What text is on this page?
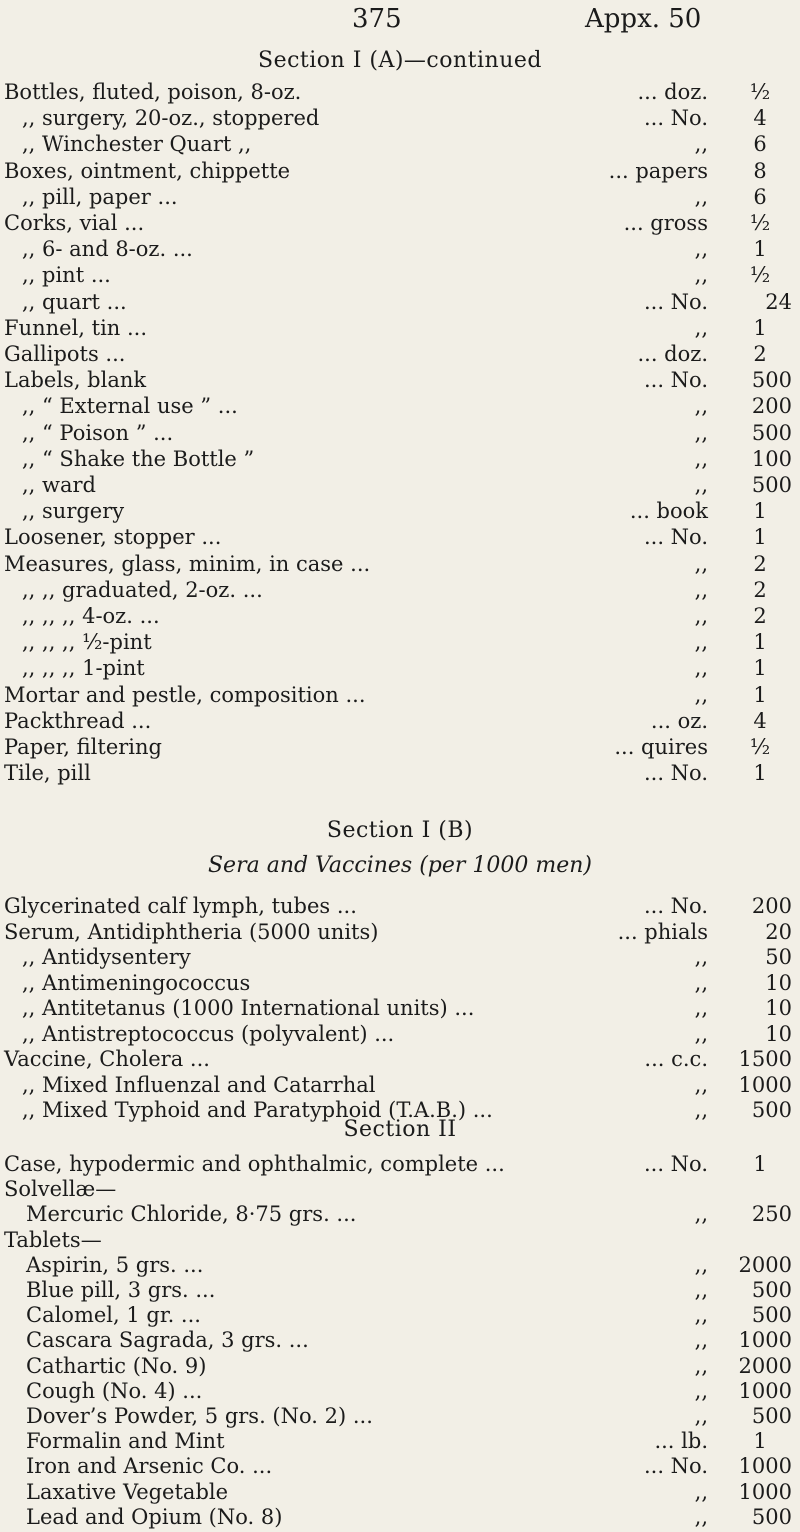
375	Appx. 50
Section I (A)—continued
Bottles, fluted, poison, 8-oz.	... doz.	½
,, surgery, 20-oz., stoppered	... No.	4
,, Winchester Quart ,,	,,	6
Boxes, ointment, chippette	... papers	8
,, pill, paper ...	,,	6
Corks, vial ...	... gross	½
,, 6- and 8-oz. ...	,,	1
,, pint ...	,,	½
,, quart ...	... No.	24
Funnel, tin ...	,,	1
Gallipots ...	... doz.	2
Labels, blank	... No.	500
,, “ External use ” ...	,,	200
,, “ Poison ” ...	,,	500
,, “ Shake the Bottle ”	,,	100
,, ward	,,	500
,, surgery	... book	1
Loosener, stopper ...	... No.	1
Measures, glass, minim, in case ...	,,	2
,, ,, graduated, 2-oz. ...	,,	2
,, ,, ,, 4-oz. ...	,,	2
,, ,, ,, ½-pint	,,	1
,, ,, ,, 1-pint	,,	1
Mortar and pestle, composition ...	,,	1
Packthread ...	... oz.	4
Paper, filtering	... quires	½
Tile, pill	... No.	1
Section I (B)
Sera and Vaccines (per 1000 men)
Glycerinated calf lymph, tubes ...	... No.	200
Serum, Antidiphtheria (5000 units)	... phials	20
,, Antidysentery	,,	50
,, Antimeningococcus	,,	10
,, Antitetanus (1000 International units) ...	,,	10
,, Antistreptococcus (polyvalent) ...	,,	10
Vaccine, Cholera ...	... c.c.	1500
,, Mixed Influenzal and Catarrhal	,,	1000
,, Mixed Typhoid and Paratyphoid (T.A.B.) ...	,,	500
Section II
Case, hypodermic and ophthalmic, complete ...	... No.	1
Solvellæ—
Mercuric Chloride, 8·75 grs. ...	,,	250
Tablets—
Aspirin, 5 grs. ...	,,	2000
Blue pill, 3 grs. ...	,,	500
Calomel, 1 gr. ...	,,	500
Cascara Sagrada, 3 grs. ...	,,	1000
Cathartic (No. 9)	,,	2000
Cough (No. 4) ...	,,	1000
Dover’s Powder, 5 grs. (No. 2) ...	,,	500
Formalin and Mint	... lb.	1
Iron and Arsenic Co. ...	... No.	1000
Laxative Vegetable	,,	1000
Lead and Opium (No. 8)	,,	500
